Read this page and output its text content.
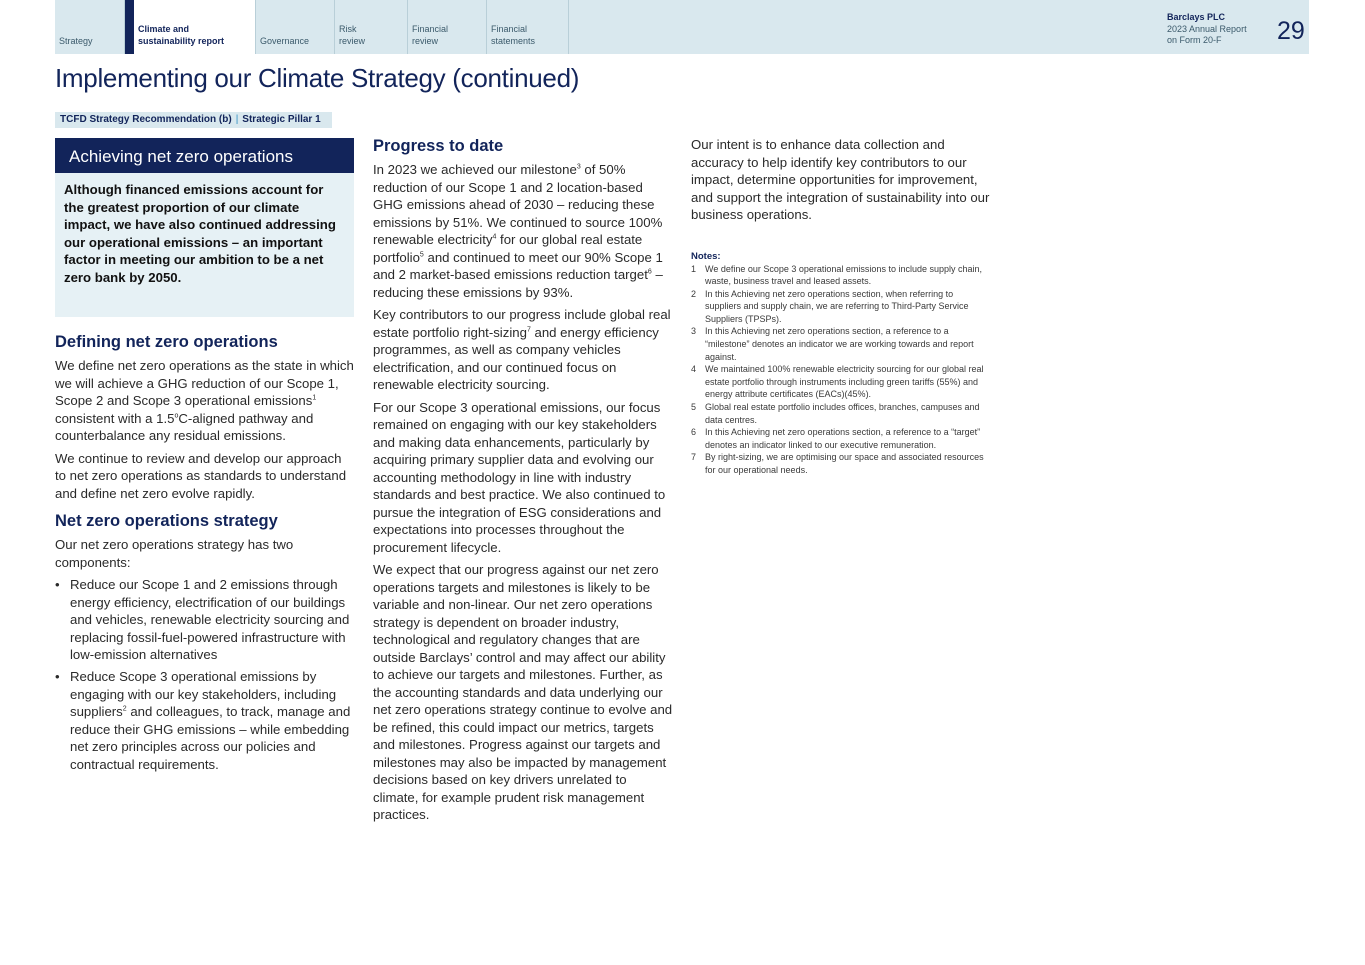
Strategy
Climate and
sustainability report	Governance
Risk
review
Financial
review
Financial
statements
Barclays PLC
2023 Annual Report
on Form 20-F	29
Implementing our Climate Strategy (continued)
TCFD Strategy Recommendation (b) | Strategic Pillar 1
Achieving net zero operations
Although financed emissions account for the greatest proportion of our climate impact, we have also continued addressing our operational emissions – an important factor in meeting our ambition to be a net zero bank by 2050.
Defining net zero operations

We define net zero operations as the state in which we will achieve a GHG reduction of our Scope 1, Scope 2 and Scope 3 operational emissions$^1$ consistent with a 1.5$^o$C-aligned pathway and counterbalance any residual emissions.

We continue to review and develop our approach to net zero operations as standards to understand and define net zero evolve rapidly.

Net zero operations strategy

Our net zero operations strategy has two components:

• Reduce our Scope 1 and 2 emissions through energy efficiency, electrification of our buildings and vehicles, renewable electricity sourcing and replacing fossil-fuel-powered infrastructure with low-emission alternatives
• Reduce Scope 3 operational emissions by engaging with our key stakeholders, including suppliers$^2$ and colleagues, to track, manage and reduce their GHG emissions – while embedding net zero principles across our policies and contractual requirements.
Progress to date

In 2023 we achieved our milestone$^3$ of 50% reduction of our Scope 1 and 2 location-based GHG emissions ahead of 2030 – reducing these emissions by 51%. We continued to source 100% renewable electricity$^4$ for our global real estate portfolio$^5$ and continued to meet our 90% Scope 1 and 2 market-based emissions reduction target$^6$ – reducing these emissions by 93%.

Key contributors to our progress include global real estate portfolio right-sizing$^7$ and energy efficiency programmes, as well as company vehicles electrification, and our continued focus on renewable electricity sourcing.

For our Scope 3 operational emissions, our focus remained on engaging with our key stakeholders and making data enhancements, particularly by acquiring primary supplier data and evolving our accounting methodology in line with industry standards and best practice. We also continued to pursue the integration of ESG considerations and expectations into processes throughout the procurement lifecycle.

We expect that our progress against our net zero operations targets and milestones is likely to be variable and non-linear. Our net zero operations strategy is dependent on broader industry, technological and regulatory changes that are outside Barclays’ control and may affect our ability to achieve our targets and milestones. Further, as the accounting standards and data underlying our net zero operations strategy continue to evolve and be refined, this could impact our metrics, targets and milestones. Progress against our targets and milestones may also be impacted by management decisions based on key drivers unrelated to climate, for example prudent risk management practices.

Our intent is to enhance data collection and accuracy to help identify key contributors to our impact, determine opportunities for improvement, and support the integration of sustainability into our business operations.

Notes:
1 We define our Scope 3 operational emissions to include supply chain, waste, business travel and leased assets.
2 In this Achieving net zero operations section, when referring to suppliers and supply chain, we are referring to Third-Party Service Suppliers (TPSPs).
3 In this Achieving net zero operations section, a reference to a “milestone” denotes an indicator we are working towards and report against.
4 We maintained 100% renewable electricity sourcing for our global real estate portfolio through instruments including green tariffs (55%) and energy attribute certificates (EACs)(45%).
5 Global real estate portfolio includes offices, branches, campuses and data centres.
6 In this Achieving net zero operations section, a reference to a “target” denotes an indicator linked to our executive remuneration.
7 By right-sizing, we are optimising our space and associated resources for our operational needs.
